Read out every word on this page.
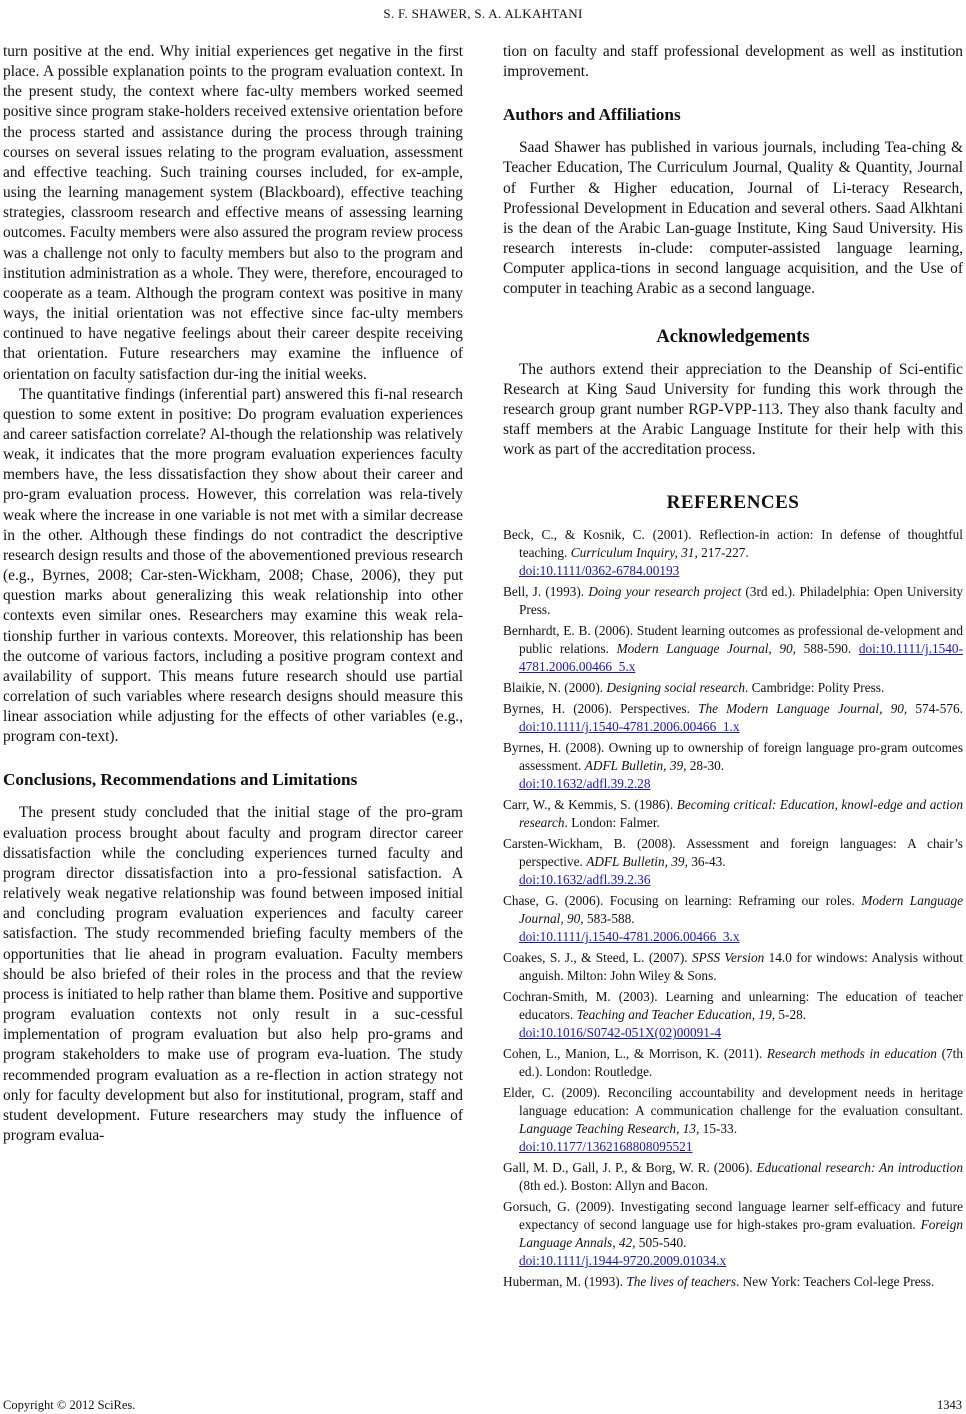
S. F. SHAWER, S. A. ALKAHTANI

turn positive at the end. Why initial experiences get negative in the first place. A possible explanation points to the program evaluation context. In the present study, the context where fac-ulty members worked seemed positive since program stake-holders received extensive orientation before the process started and assistance during the process through training courses on several issues relating to the program evaluation, assessment and effective teaching. Such training courses included, for ex-ample, using the learning management system (Blackboard), effective teaching strategies, classroom research and effective means of assessing learning outcomes. Faculty members were also assured the program review process was a challenge not only to faculty members but also to the program and institution administration as a whole. They were, therefore, encouraged to cooperate as a team. Although the program context was positive in many ways, the initial orientation was not effective since fac-ulty members continued to have negative feelings about their career despite receiving that orientation. Future researchers may examine the influence of orientation on faculty satisfaction dur-ing the initial weeks.

The quantitative findings (inferential part) answered this fi-nal research question to some extent in positive: Do program evaluation experiences and career satisfaction correlate? Al-though the relationship was relatively weak, it indicates that the more program evaluation experiences faculty members have, the less dissatisfaction they show about their career and pro-gram evaluation process. However, this correlation was rela-tively weak where the increase in one variable is not met with a similar decrease in the other. Although these findings do not contradict the descriptive research design results and those of the abovementioned previous research (e.g., Byrnes, 2008; Car-sten-Wickham, 2008; Chase, 2006), they put question marks about generalizing this weak relationship into other contexts even similar ones. Researchers may examine this weak rela-tionship further in various contexts. Moreover, this relationship has been the outcome of various factors, including a positive program context and availability of support. This means future research should use partial correlation of such variables where research designs should measure this linear association while adjusting for the effects of other variables (e.g., program con-text).

Conclusions, Recommendations and Limitations

The present study concluded that the initial stage of the pro-gram evaluation process brought about faculty and program director career dissatisfaction while the concluding experiences turned faculty and program director dissatisfaction into a pro-fessional satisfaction. A relatively weak negative relationship was found between imposed initial and concluding program evaluation experiences and faculty career satisfaction. The study recommended briefing faculty members of the opportunities that lie ahead in program evaluation. Faculty members should be also briefed of their roles in the process and that the review process is initiated to help rather than blame them. Positive and supportive program evaluation contexts not only result in a suc-cessful implementation of program evaluation but also help pro-grams and program stakeholders to make use of program eva-luation. The study recommended program evaluation as a re-flection in action strategy not only for faculty development but also for institutional, program, staff and student development. Future researchers may study the influence of program evalua-

tion on faculty and staff professional development as well as institution improvement.

Authors and Affiliations

Saad Shawer has published in various journals, including Tea-ching & Teacher Education, The Curriculum Journal, Quality & Quantity, Journal of Further & Higher education, Journal of Li-teracy Research, Professional Development in Education and several others. Saad Alkhtani is the dean of the Arabic Lan-guage Institute, King Saud University. His research interests in-clude: computer-assisted language learning, Computer applica-tions in second language acquisition, and the Use of computer in teaching Arabic as a second language.

Acknowledgements

The authors extend their appreciation to the Deanship of Sci-entific Research at King Saud University for funding this work through the research group grant number RGP-VPP-113. They also thank faculty and staff members at the Arabic Language Institute for their help with this work as part of the accreditation process.

REFERENCES
Beck, C., & Kosnik, C. (2001). Reflection-in action: In defense of thoughtful teaching. Curriculum Inquiry, 31, 217-227.
doi:10.1111/0362-6784.00193
Bell, J. (1993). Doing your research project (3rd ed.). Philadelphia: Open University Press.
Bernhardt, E. B. (2006). Student learning outcomes as professional de-velopment and public relations. Modern Language Journal, 90, 588-590. doi:10.1111/j.1540-4781.2006.00466_5.x
Blaikie, N. (2000). Designing social research. Cambridge: Polity Press.
Byrnes, H. (2006). Perspectives. The Modern Language Journal, 90, 574-576. doi:10.1111/j.1540-4781.2006.00466_1.x
Byrnes, H. (2008). Owning up to ownership of foreign language pro-gram outcomes assessment. ADFL Bulletin, 39, 28-30.
doi:10.1632/adfl.39.2.28
Carr, W., & Kemmis, S. (1986). Becoming critical: Education, knowl-edge and action research. London: Falmer.
Carsten-Wickham, B. (2008). Assessment and foreign languages: A chair’s perspective. ADFL Bulletin, 39, 36-43.
doi:10.1632/adfl.39.2.36
Chase, G. (2006). Focusing on learning: Reframing our roles. Modern Language Journal, 90, 583-588.
doi:10.1111/j.1540-4781.2006.00466_3.x
Coakes, S. J., & Steed, L. (2007). SPSS Version 14.0 for windows: Analysis without anguish. Milton: John Wiley & Sons.
Cochran-Smith, M. (2003). Learning and unlearning: The education of teacher educators. Teaching and Teacher Education, 19, 5-28.
doi:10.1016/S0742-051X(02)00091-4
Cohen, L., Manion, L., & Morrison, K. (2011). Research methods in education (7th ed.). London: Routledge.
Elder, C. (2009). Reconciling accountability and development needs in heritage language education: A communication challenge for the evaluation consultant. Language Teaching Research, 13, 15-33.
doi:10.1177/1362168808095521
Gall, M. D., Gall, J. P., & Borg, W. R. (2006). Educational research: An introduction (8th ed.). Boston: Allyn and Bacon.
Gorsuch, G. (2009). Investigating second language learner self-efficacy and future expectancy of second language use for high-stakes pro-gram evaluation. Foreign Language Annals, 42, 505-540.
doi:10.1111/j.1944-9720.2009.01034.x
Huberman, M. (1993). The lives of teachers. New York: Teachers Col-lege Press.
Copyright © 2012 SciRes.	1343
